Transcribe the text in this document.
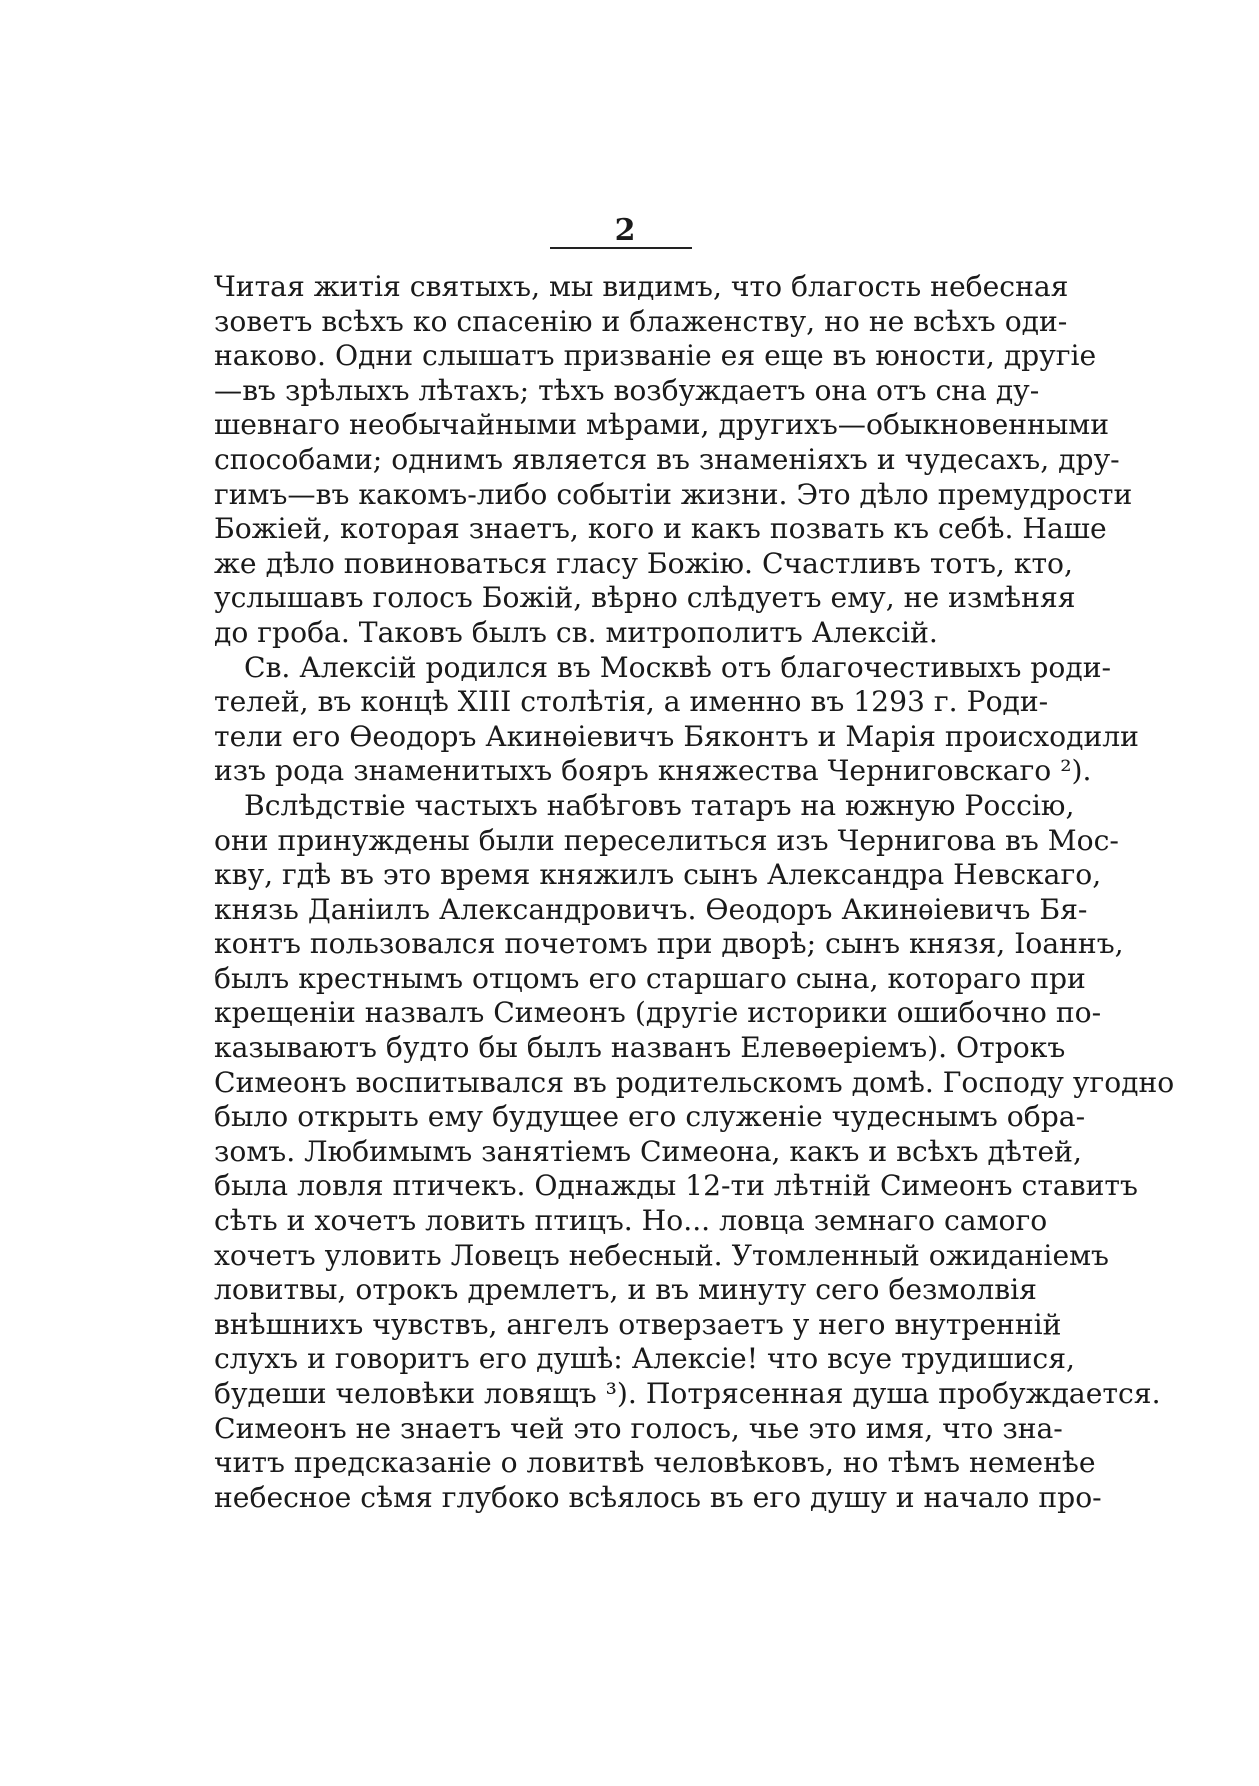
2
Читая житія святыхъ, мы видимъ, что благость небесная
зоветъ всѣхъ ко спасенію и блаженству, но не всѣхъ оди-
наково. Одни слышатъ призваніе ея еще въ юности, другіе
—въ зрѣлыхъ лѣтахъ; тѣхъ возбуждаетъ она отъ сна ду-
шевнаго необычайными мѣрами, другихъ—обыкновенными
способами; однимъ является въ знаменіяхъ и чудесахъ, дру-
гимъ—въ какомъ-либо событіи жизни. Это дѣло премудрости
Божіей, которая знаетъ, кого и какъ позвать къ себѣ. Наше
же дѣло повиноваться гласу Божію. Счастливъ тотъ, кто,
услышавъ голосъ Божій, вѣрно слѣдуетъ ему, не измѣняя
до гроба. Таковъ былъ св. митрополитъ Алексій.
Св. Алексій родился въ Москвѣ отъ благочестивыхъ роди-
телей, въ концѣ XIII столѣтія, а именно въ 1293 г. Роди-
тели его Ѳеодоръ Акинѳіевичъ Бяконтъ и Марія происходили
изъ рода знаменитыхъ бояръ княжества Черниговскаго ²).
Вслѣдствіе частыхъ набѣговъ татаръ на южную Россію,
они принуждены были переселиться изъ Чернигова въ Мос-
кву, гдѣ въ это время княжилъ сынъ Александра Невскаго,
князь Даніилъ Александровичъ. Ѳеодоръ Акинѳіевичъ Бя-
контъ пользовался почетомъ при дворѣ; сынъ князя, Іоаннъ,
былъ крестнымъ отцомъ его старшаго сына, котораго при
крещеніи назвалъ Симеонъ (другіе историки ошибочно по-
казываютъ будто бы былъ названъ Елевѳеріемъ). Отрокъ
Симеонъ воспитывался въ родительскомъ домѣ. Господу угодно
было открыть ему будущее его служеніе чудеснымъ обра-
зомъ. Любимымъ занятіемъ Симеона, какъ и всѣхъ дѣтей,
была ловля птичекъ. Однажды 12-ти лѣтній Симеонъ ставитъ
сѣть и хочетъ ловить птицъ. Но... ловца земнаго самого
хочетъ уловить Ловецъ небесный. Утомленный ожиданіемъ
ловитвы, отрокъ дремлетъ, и въ минуту сего безмолвія
внѣшнихъ чувствъ, ангелъ отверзаетъ у него внутренній
слухъ и говоритъ его душѣ: Алексіе! что всуе трудишися,
будеши человѣки ловящъ ³). Потрясенная душа пробуждается.
Симеонъ не знаетъ чей это голосъ, чье это имя, что зна-
читъ предсказаніе о ловитвѣ человѣковъ, но тѣмъ неменѣе
небесное сѣмя глубоко всѣялось въ его душу и начало про-
